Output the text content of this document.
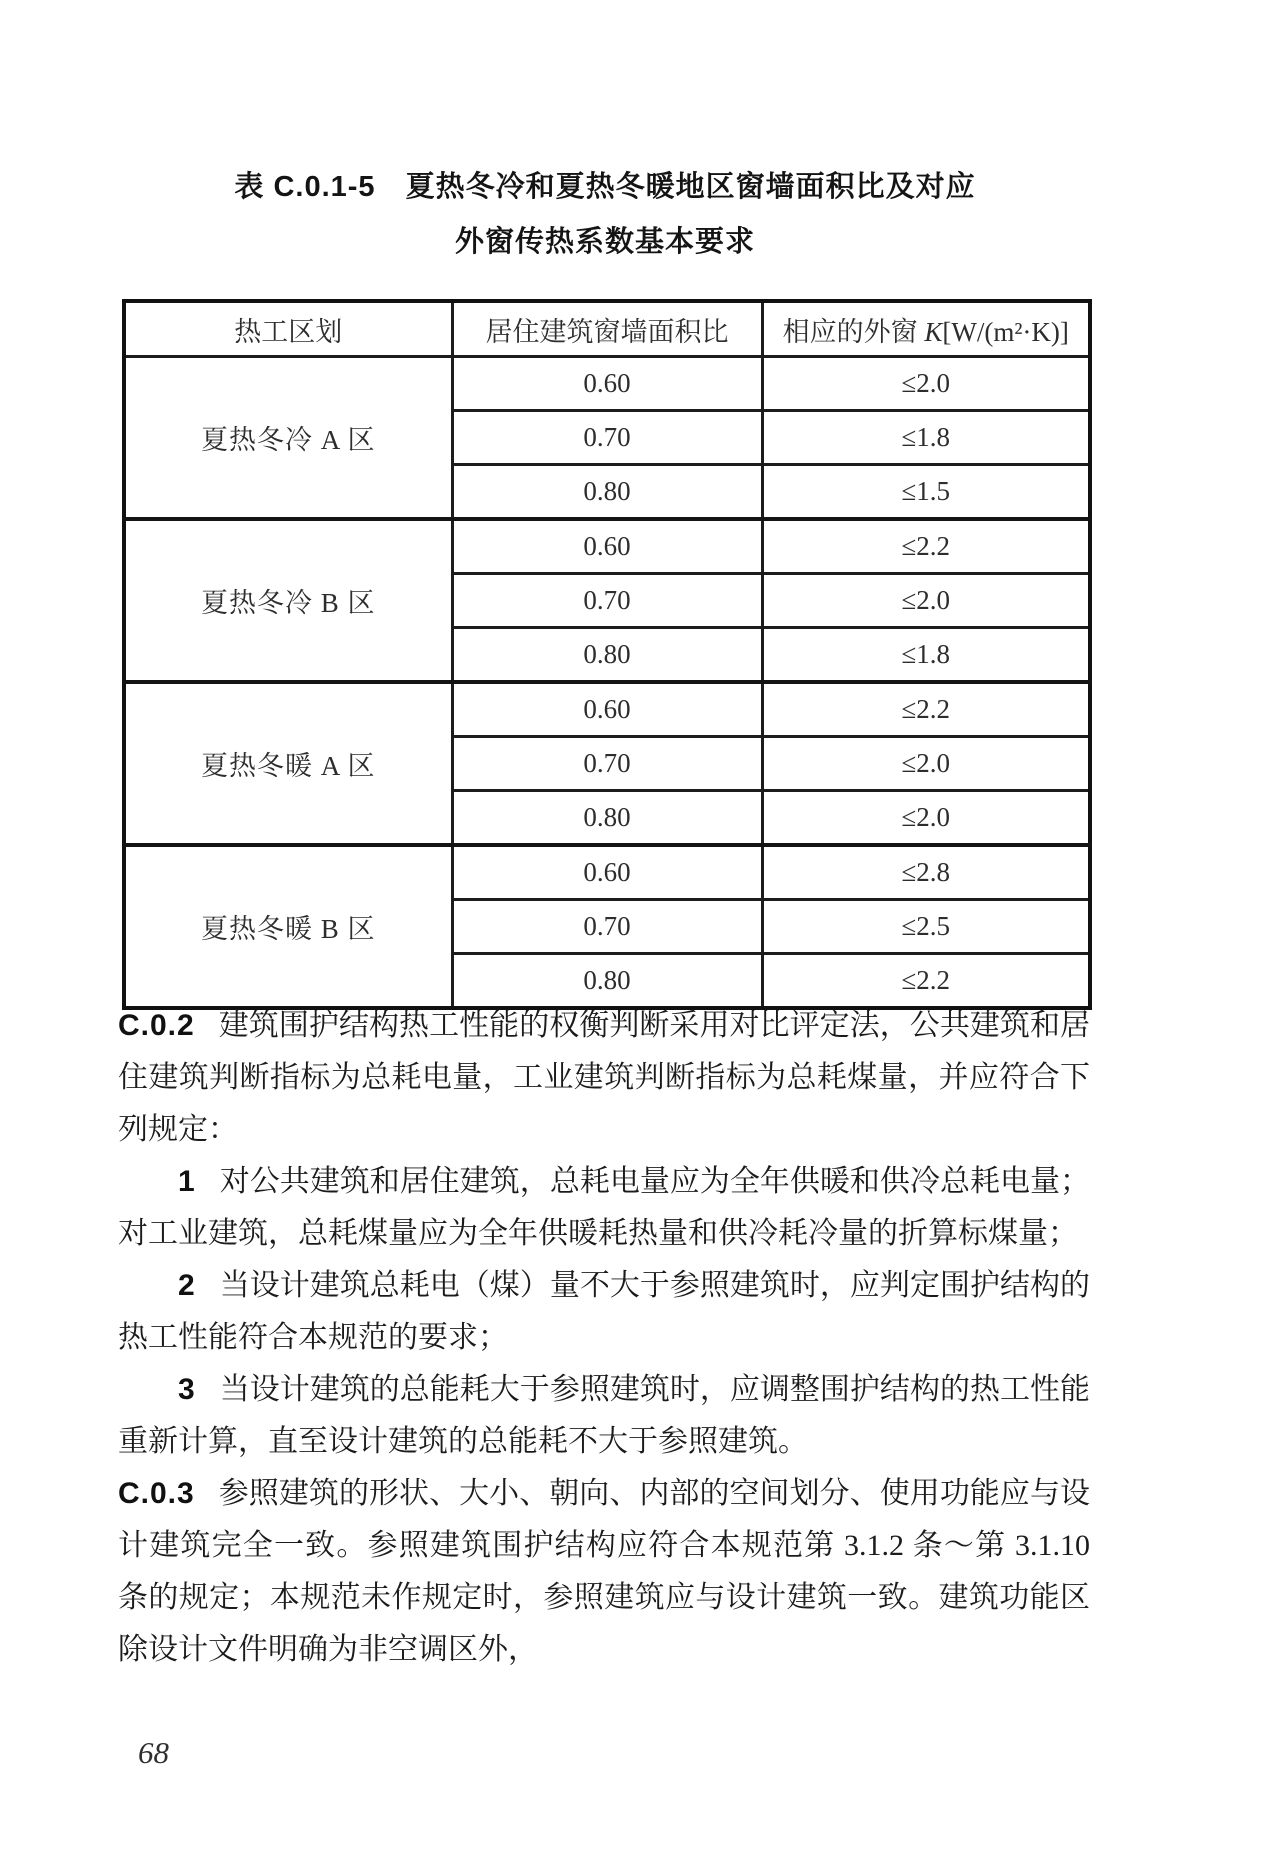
表 C.0.1-5　夏热冬冷和夏热冬暖地区窗墙面积比及对应
外窗传热系数基本要求
热工区划	居住建筑窗墙面积比	相应的外窗 K[W/(m²·K)]
夏热冬冷 A 区	0.60	≤2.0
	0.70	≤1.8
	0.80	≤1.5
夏热冬冷 B 区	0.60	≤2.2
	0.70	≤2.0
	0.80	≤1.8
夏热冬暖 A 区	0.60	≤2.2
	0.70	≤2.0
	0.80	≤2.0
夏热冬暖 B 区	0.60	≤2.8
	0.70	≤2.5
	0.80	≤2.2

C.0.2 建筑围护结构热工性能的权衡判断采用对比评定法，公共建筑和居住建筑判断指标为总耗电量，工业建筑判断指标为总耗煤量，并应符合下列规定：

1 对公共建筑和居住建筑，总耗电量应为全年供暖和供冷总耗电量；对工业建筑，总耗煤量应为全年供暖耗热量和供冷耗冷量的折算标煤量；

2 当设计建筑总耗电（煤）量不大于参照建筑时，应判定围护结构的热工性能符合本规范的要求；

3 当设计建筑的总能耗大于参照建筑时，应调整围护结构的热工性能重新计算，直至设计建筑的总能耗不大于参照建筑。

C.0.3 参照建筑的形状、大小、朝向、内部的空间划分、使用功能应与设计建筑完全一致。参照建筑围护结构应符合本规范第 3.1.2 条～第 3.1.10 条的规定；本规范未作规定时，参照建筑应与设计建筑一致。建筑功能区除设计文件明确为非空调区外，

68
